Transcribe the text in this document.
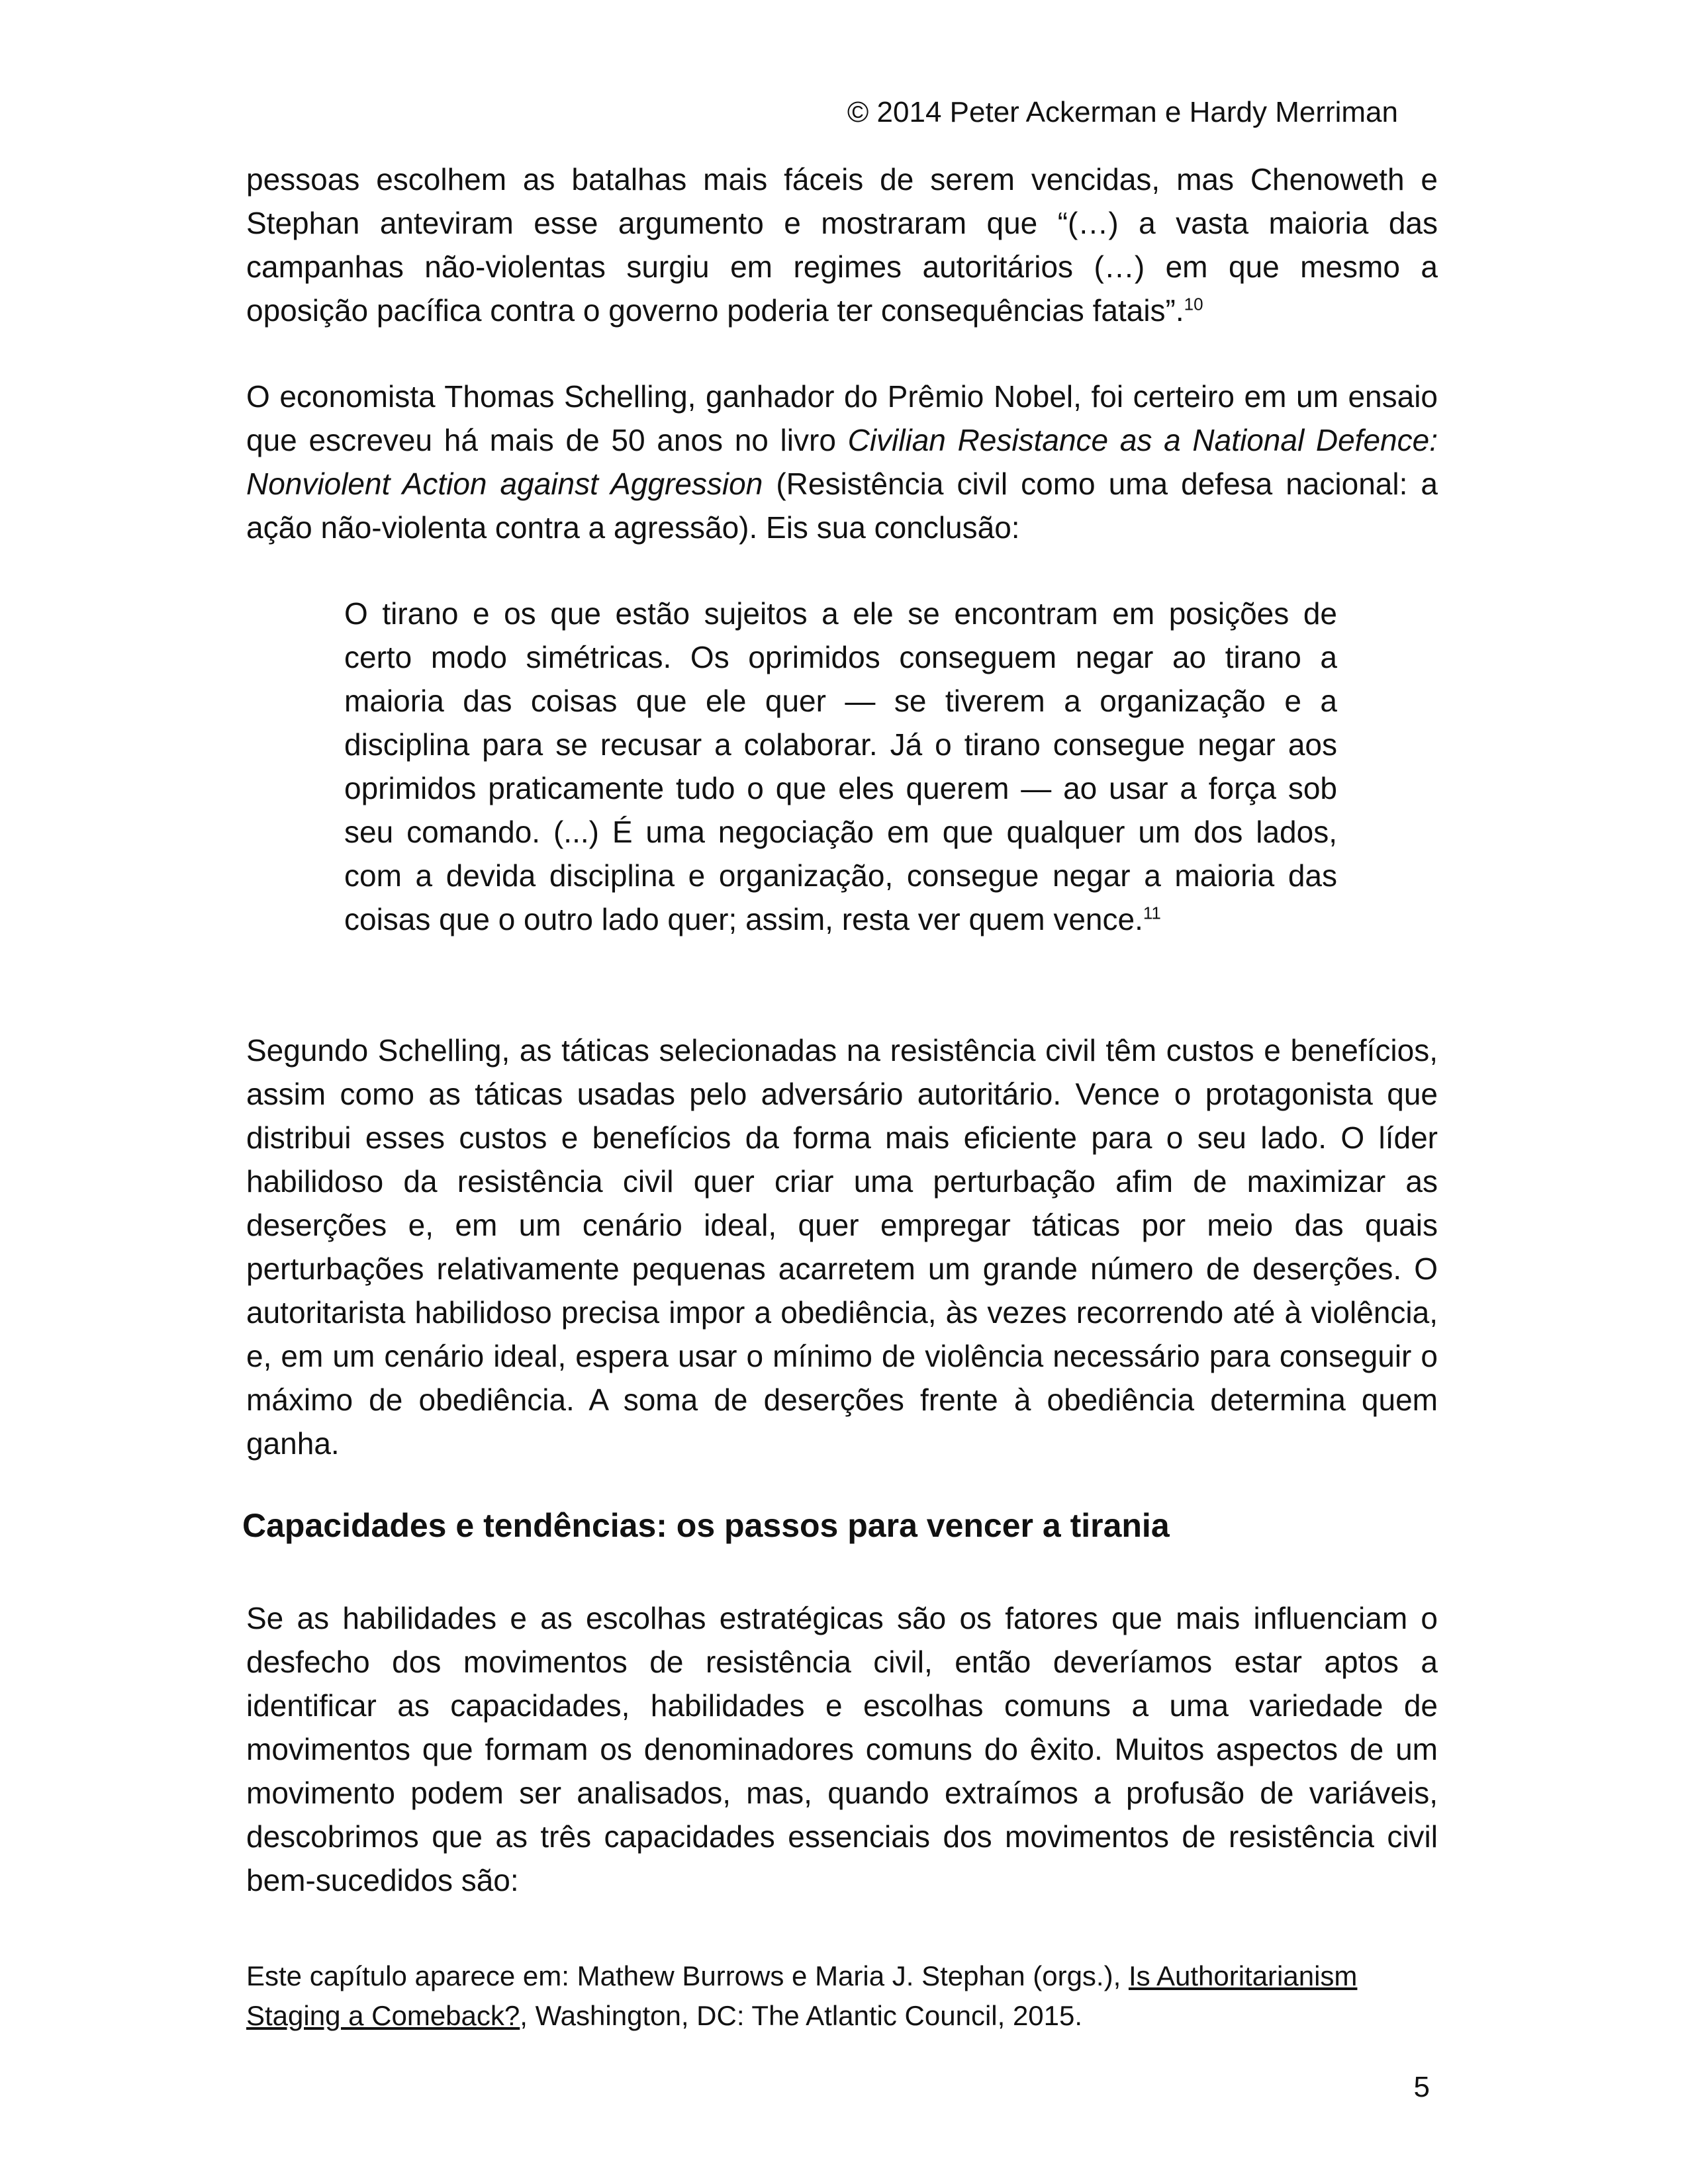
© 2014 Peter Ackerman e Hardy Merriman

pessoas escolhem as batalhas mais fáceis de serem vencidas, mas Chenoweth e Stephan anteviram esse argumento e mostraram que “(…) a vasta maioria das campanhas não-violentas surgiu em regimes autoritários (…) em que mesmo a oposição pacífica contra o governo poderia ter consequências fatais”.$^{10}$

O economista Thomas Schelling, ganhador do Prêmio Nobel, foi certeiro em um ensaio que escreveu há mais de 50 anos no livro Civilian Resistance as a National Defence: Nonviolent Action against Aggression (Resistência civil como uma defesa nacional: a ação não-violenta contra a agressão). Eis sua conclusão:

O tirano e os que estão sujeitos a ele se encontram em posições de certo modo simétricas. Os oprimidos conseguem negar ao tirano a maioria das coisas que ele quer — se tiverem a organização e a disciplina para se recusar a colaborar. Já o tirano consegue negar aos oprimidos praticamente tudo o que eles querem — ao usar a força sob seu comando. (...) É uma negociação em que qualquer um dos lados, com a devida disciplina e organização, consegue negar a maioria das coisas que o outro lado quer; assim, resta ver quem vence.$^{11}$

Segundo Schelling, as táticas selecionadas na resistência civil têm custos e benefícios, assim como as táticas usadas pelo adversário autoritário. Vence o protagonista que distribui esses custos e benefícios da forma mais eficiente para o seu lado. O líder habilidoso da resistência civil quer criar uma perturbação afim de maximizar as deserções e, em um cenário ideal, quer empregar táticas por meio das quais perturbações relativamente pequenas acarretem um grande número de deserções. O autoritarista habilidoso precisa impor a obediência, às vezes recorrendo até à violência, e, em um cenário ideal, espera usar o mínimo de violência necessário para conseguir o máximo de obediência. A soma de deserções frente à obediência determina quem ganha.

Capacidades e tendências: os passos para vencer a tirania

Se as habilidades e as escolhas estratégicas são os fatores que mais influenciam o desfecho dos movimentos de resistência civil, então deveríamos estar aptos a identificar as capacidades, habilidades e escolhas comuns a uma variedade de movimentos que formam os denominadores comuns do êxito. Muitos aspectos de um movimento podem ser analisados, mas, quando extraímos a profusão de variáveis, descobrimos que as três capacidades essenciais dos movimentos de resistência civil bem-sucedidos são:

Este capítulo aparece em: Mathew Burrows e Maria J. Stephan (orgs.), Is Authoritarianism Staging a Comeback?, Washington, DC: The Atlantic Council, 2015.

5
